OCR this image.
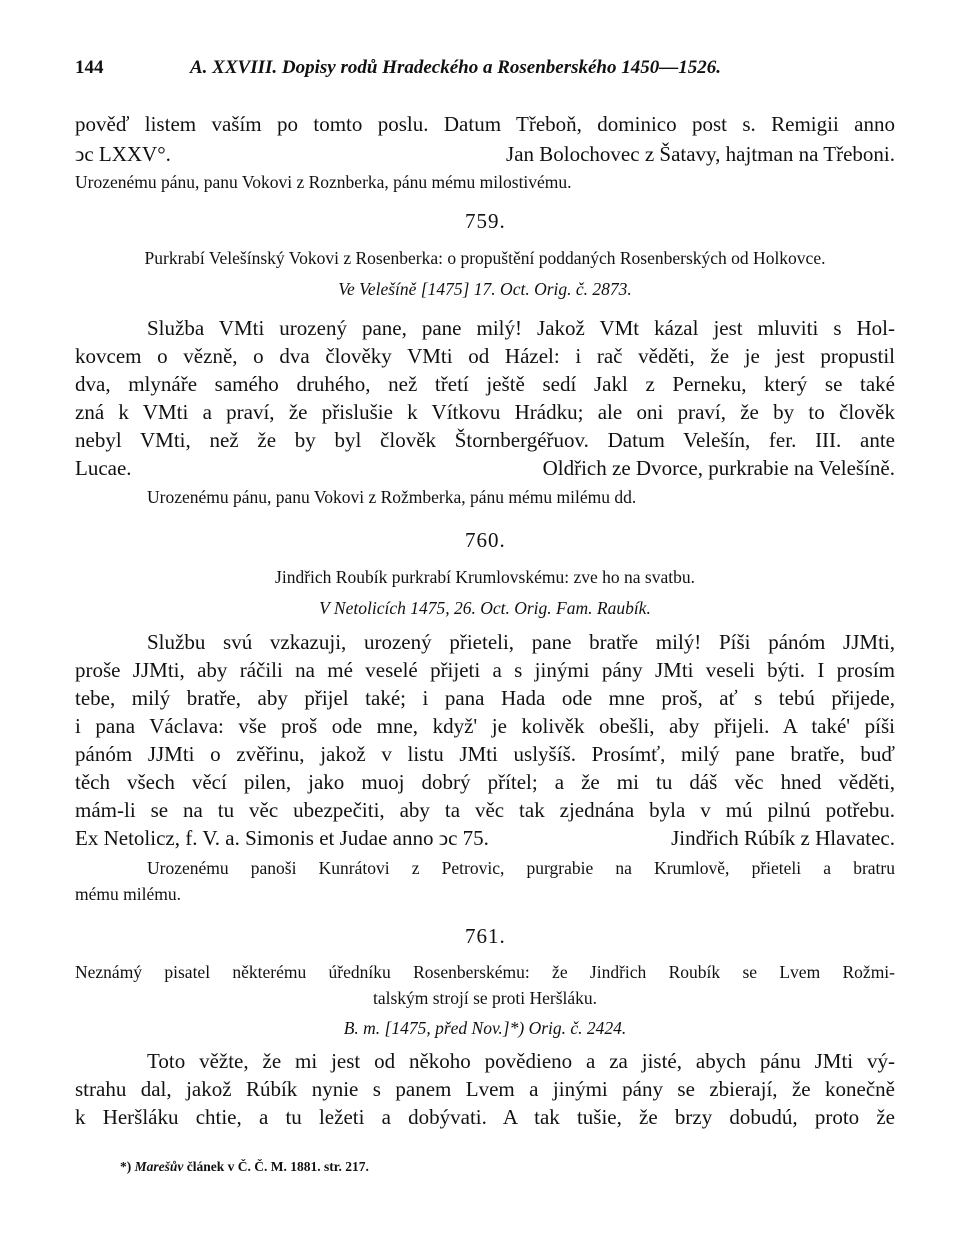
144	A. XXVIII. Dopisy rodů Hradeckého a Rosenberského 1450—1526.
pověď listem vaším po tomto poslu. Datum Třeboň, dominico post s. Remigii anno
ↄc LXXV°.	Jan Bolochovec z Šatavy, hajtman na Třeboni.
Urozenému pánu, panu Vokovi z Roznberka, pánu mému milostivému.
759.
Purkrabí Velešínský Vokovi z Rosenberka: o propuštění poddaných Rosenberských od Holkovce.
Ve Velešíně [1475] 17. Oct. Orig. č. 2873.
Služba VMti urozený pane, pane milý! Jakož VMt kázal jest mluviti s Hol-
kovcem o vězně, o dva člověky VMti od Házel: i rač věděti, že je jest propustil
dva, mlynáře samého druhého, než třetí ještě sedí Jakl z Perneku, který se také
zná k VMti a praví, že přislušie k Vítkovu Hrádku; ale oni praví, že by to člověk
nebyl VMti, než že by byl člověk Štornbergéřuov. Datum Velešín, fer. III. ante
Lucae.	Oldřich ze Dvorce, purkrabie na Velešíně.
Urozenému pánu, panu Vokovi z Rožmberka, pánu mému milému dd.
760.
Jindřich Roubík purkrabí Krumlovskému: zve ho na svatbu.
V Netolicích 1475, 26. Oct. Orig. Fam. Raubík.
Službu svú vzkazuji, urozený přieteli, pane bratře milý! Píši pánóm JJMti,
proše JJMti, aby ráčili na mé veselé přijeti a s jinými pány JMti veseli býti. I prosím
tebe, milý bratře, aby přijel také; i pana Hada ode mne proš, ať s tebú přijede,
i pana Václava: vše proš ode mne, když' je kolivěk obešli, aby přijeli. A také' píši
pánóm JJMti o zvěřinu, jakož v listu JMti uslyšíš. Prosímť, milý pane bratře, buď
těch všech věcí pilen, jako muoj dobrý přítel; a že mi tu dáš věc hned věděti,
mám-li se na tu věc ubezpečiti, aby ta věc tak zjednána byla v mú pilnú potřebu.
Ex Netolicz, f. V. a. Simonis et Judae anno ↄc 75.	Jindřich Rúbík z Hlavatec.
Urozenému panoši Kunrátovi z Petrovic, purgrabie na Krumlově, přieteli a bratru
mému milému.
761.
Neznámý pisatel některému úředníku Rosenberskému: že Jindřich Roubík se Lvem Rožmi-
talským strojí se proti Heršláku.
B. m. [1475, před Nov.]*) Orig. č. 2424.
Toto věžte, že mi jest od někoho povědieno a za jisté, abych pánu JMti vý-
strahu dal, jakož Rúbík nynie s panem Lvem a jinými pány se zbierají, že konečně
k Heršláku chtie, a tu ležeti a dobývati. A tak tušie, že brzy dobudú, proto že
*) Marešův článek v Č. Č. M. 1881. str. 217.
